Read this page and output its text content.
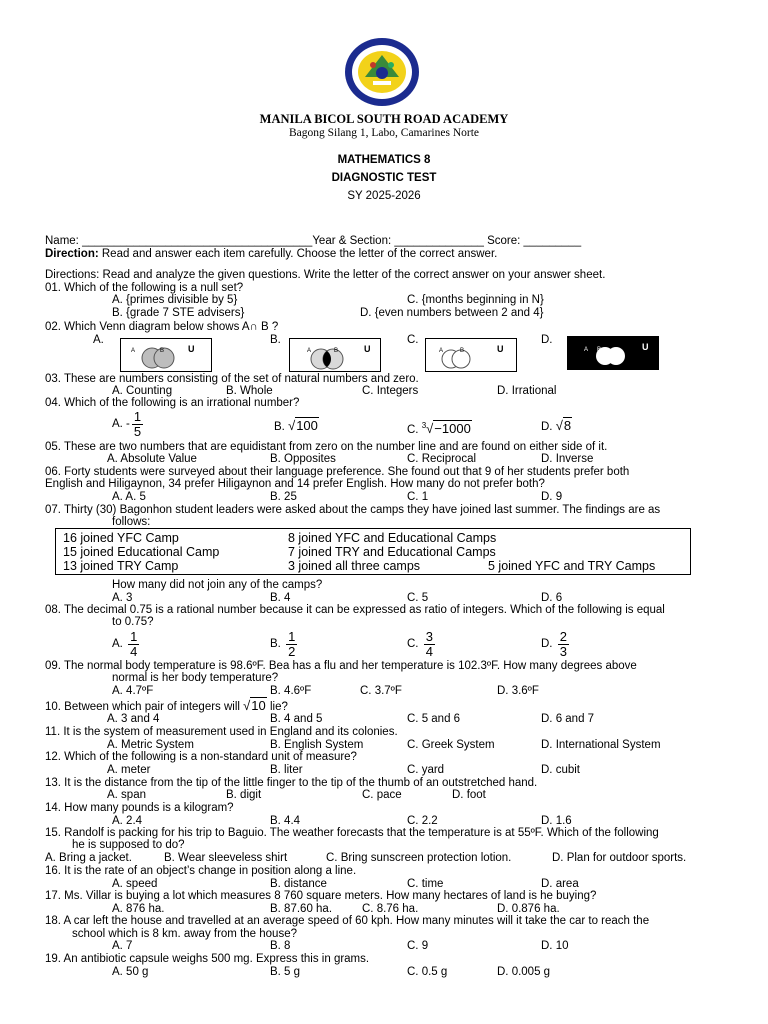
MANILA BICOL SOUTH ROAD ACADEMY
Bagong Silang 1, Labo, Camarines Norte
MATHEMATICS 8
DIAGNOSTIC TEST
SY 2025-2026
Name: ____________________________________Year & Section: ______________ Score: _________
Direction: Read and answer each item carefully. Choose the letter of the correct answer.
Directions: Read and analyze the given questions. Write the letter of the correct answer on your answer sheet.
01. Which of the following is a null set?
A. {primes divisible by 5}	C. {months beginning in N}
B. {grade 7 STE advisers}	D. {even numbers between 2 and 4}
02. Which Venn diagram below shows A∩ B ?
A.	B.	C.	D.
A	B	U	A	B	U	A	B	U	A B	U
03. These are numbers consisting of the set of natural numbers and zero.
A. Counting	B. Whole	C. Integers	D. Irrational
04. Which of the following is an irrational number?
A. - $\frac{1}{5}$	B. √100	C. $^3$√−1000	D. √8
05. These are two numbers that are equidistant from zero on the number line and are found on either side of it.
A. Absolute Value	B. Opposites	C. Reciprocal	D. Inverse
06. Forty students were surveyed about their language preference. She found out that 9 of her students prefer both
English and Hiligaynon, 34 prefer Hiligaynon and 14 prefer English. How many do not prefer both?
A. A. 5	B. 25	C. 1	D. 9
07. Thirty (30) Bagonhon student leaders were asked about the camps they have joined last summer. The findings are as
follows:
16 joined YFC Camp	8 joined YFC and Educational Camps
15 joined Educational Camp	7 joined TRY and Educational Camps
13 joined TRY Camp	3 joined all three camps	5 joined YFC and TRY Camps
How many did not join any of the camps?
A. 3	B. 4	C. 5	D. 6
08. The decimal 0.75 is a rational number because it can be expressed as ratio of integers. Which of the following is equal
to 0.75?
A. $\frac{1}{4}$	B. $\frac{1}{2}$	C. $\frac{3}{4}$	D. $\frac{2}{3}$
09. The normal body temperature is 98.6ºF. Bea has a flu and her temperature is 102.3ºF. How many degrees above
normal is her body temperature?
A. 4.7ºF	B. 4.6ºF	C. 3.7ºF	D. 3.6ºF
10. Between which pair of integers will √10 lie?
A. 3 and 4	B. 4 and 5	C. 5 and 6	D. 6 and 7
11. It is the system of measurement used in England and its colonies.
A. Metric System	B. English System	C. Greek System	D. International System
12. Which of the following is a non-standard unit of measure?
A. meter	B. liter	C. yard	D. cubit
13. It is the distance from the tip of the little finger to the tip of the thumb of an outstretched hand.
A. span	B. digit	C. pace	D. foot
14. How many pounds is a kilogram?
A. 2.4	B. 4.4	C. 2.2	D. 1.6
15. Randolf is packing for his trip to Baguio. The weather forecasts that the temperature is at 55ºF. Which of the following
he is supposed to do?
A. Bring a jacket.	B. Wear sleeveless shirt	C. Bring sunscreen protection lotion.	D. Plan for outdoor sports.
16. It is the rate of an object’s change in position along a line.
A. speed	B. distance	C. time	D. area
17. Ms. Villar is buying a lot which measures 8 760 square meters. How many hectares of land is he buying?
A. 876 ha.	B. 87.60 ha.	C. 8.76 ha.	D. 0.876 ha.
18. A car left the house and travelled at an average speed of 60 kph. How many minutes will it take the car to reach the
school which is 8 km. away from the house?
A. 7	B. 8	C. 9	D. 10
19. An antibiotic capsule weighs 500 mg. Express this in grams.
A. 50 g	B. 5 g	C. 0.5 g	D. 0.005 g
